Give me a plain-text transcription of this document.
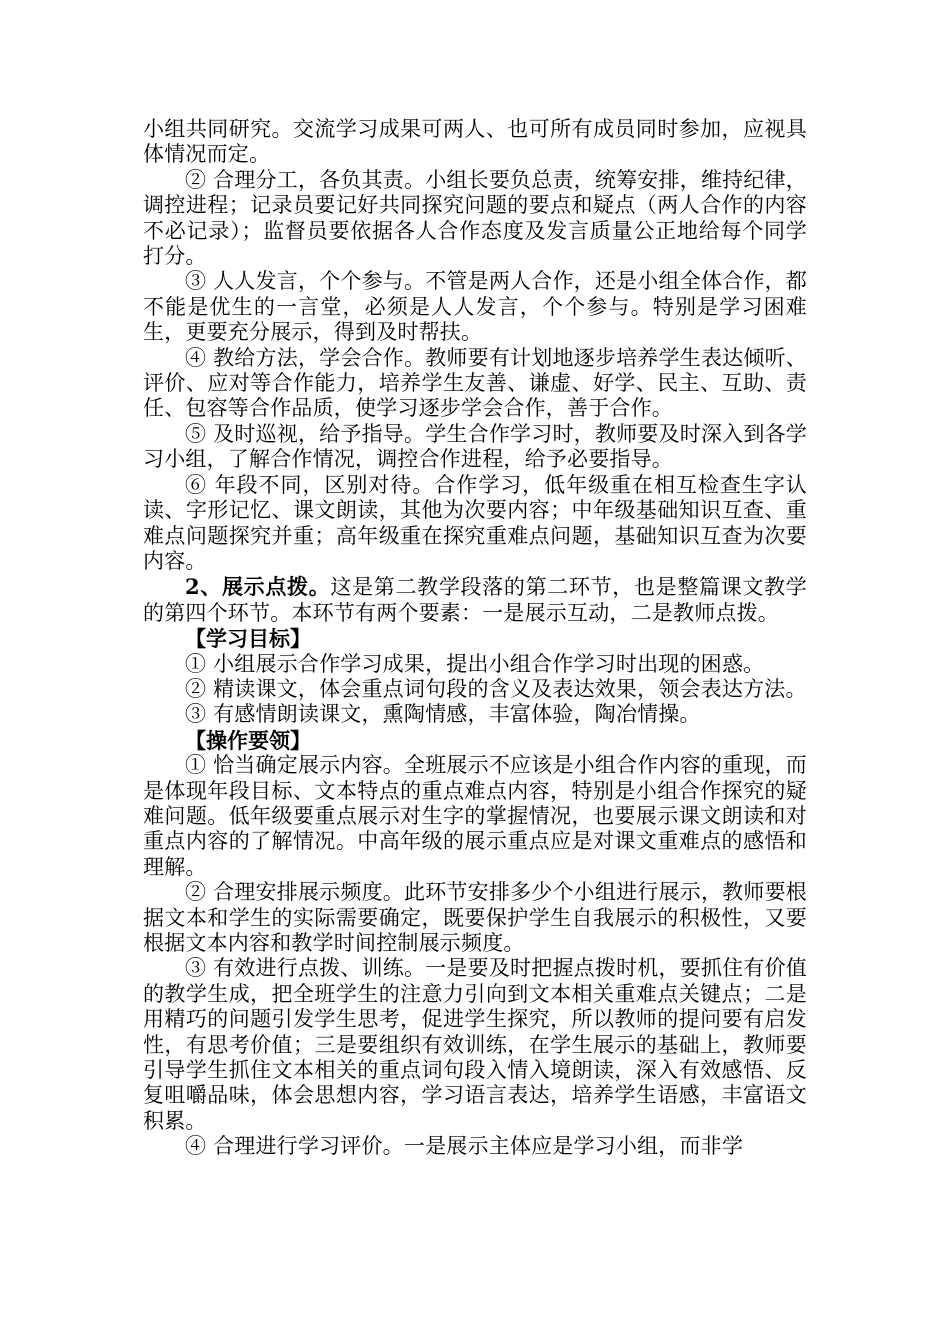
小组共同研究。交流学习成果可两人、也可所有成员同时参加，应视具体情况而定。

② 合理分工，各负其责。小组长要负总责，统筹安排，维持纪律，调控进程；记录员要记好共同探究问题的要点和疑点（两人合作的内容不必记录）；监督员要依据各人合作态度及发言质量公正地给每个同学打分。

③ 人人发言，个个参与。不管是两人合作，还是小组全体合作，都不能是优生的一言堂，必须是人人发言，个个参与。特别是学习困难生，更要充分展示，得到及时帮扶。

④ 教给方法，学会合作。教师要有计划地逐步培养学生表达倾听、评价、应对等合作能力，培养学生友善、谦虚、好学、民主、互助、责任、包容等合作品质，使学习逐步学会合作，善于合作。

⑤ 及时巡视，给予指导。学生合作学习时，教师要及时深入到各学习小组，了解合作情况，调控合作进程，给予必要指导。

⑥ 年段不同，区别对待。合作学习，低年级重在相互检查生字认读、字形记忆、课文朗读，其他为次要内容；中年级基础知识互查、重难点问题探究并重；高年级重在探究重难点问题，基础知识互查为次要内容。

2、展示点拨。这是第二教学段落的第二环节，也是整篇课文教学的第四个环节。本环节有两个要素：一是展示互动，二是教师点拨。

【学习目标】

① 小组展示合作学习成果，提出小组合作学习时出现的困惑。

② 精读课文，体会重点词句段的含义及表达效果，领会表达方法。

③ 有感情朗读课文，熏陶情感，丰富体验，陶冶情操。

【操作要领】

① 恰当确定展示内容。全班展示不应该是小组合作内容的重现，而是体现年段目标、文本特点的重点难点内容，特别是小组合作探究的疑难问题。低年级要重点展示对生字的掌握情况，也要展示课文朗读和对重点内容的了解情况。中高年级的展示重点应是对课文重难点的感悟和理解。

② 合理安排展示频度。此环节安排多少个小组进行展示，教师要根据文本和学生的实际需要确定，既要保护学生自我展示的积极性，又要根据文本内容和教学时间控制展示频度。

③ 有效进行点拨、训练。一是要及时把握点拨时机，要抓住有价值的教学生成，把全班学生的注意力引向到文本相关重难点关键点；二是用精巧的问题引发学生思考，促进学生探究，所以教师的提问要有启发性，有思考价值；三是要组织有效训练，在学生展示的基础上，教师要引导学生抓住文本相关的重点词句段入情入境朗读，深入有效感悟、反复咀嚼品味，体会思想内容，学习语言表达，培养学生语感，丰富语文积累。

④ 合理进行学习评价。一是展示主体应是学习小组，而非学
